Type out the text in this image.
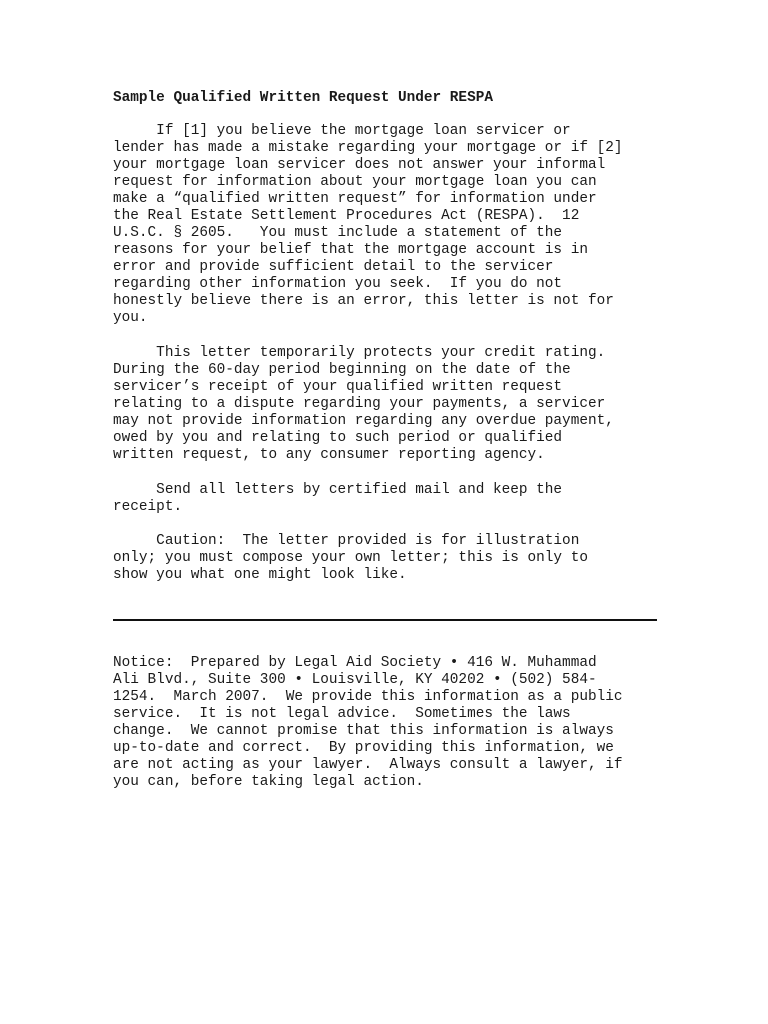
Sample Qualified Written Request Under RESPA
If [1] you believe the mortgage loan servicer or
lender has made a mistake regarding your mortgage or if [2]
your mortgage loan servicer does not answer your informal
request for information about your mortgage loan you can
make a “qualified written request” for information under
the Real Estate Settlement Procedures Act (RESPA).  12
U.S.C. § 2605.   You must include a statement of the
reasons for your belief that the mortgage account is in
error and provide sufficient detail to the servicer
regarding other information you seek.  If you do not
honestly believe there is an error, this letter is not for
you.
This letter temporarily protects your credit rating.
During the 60-day period beginning on the date of the
servicer’s receipt of your qualified written request
relating to a dispute regarding your payments, a servicer
may not provide information regarding any overdue payment,
owed by you and relating to such period or qualified
written request, to any consumer reporting agency.
Send all letters by certified mail and keep the
receipt.
Caution:  The letter provided is for illustration
only; you must compose your own letter; this is only to
show you what one might look like.
Notice:  Prepared by Legal Aid Society • 416 W. Muhammad
Ali Blvd., Suite 300 • Louisville, KY 40202 • (502) 584-
1254.  March 2007.  We provide this information as a public
service.  It is not legal advice.  Sometimes the laws
change.  We cannot promise that this information is always
up-to-date and correct.  By providing this information, we
are not acting as your lawyer.  Always consult a lawyer, if
you can, before taking legal action.
